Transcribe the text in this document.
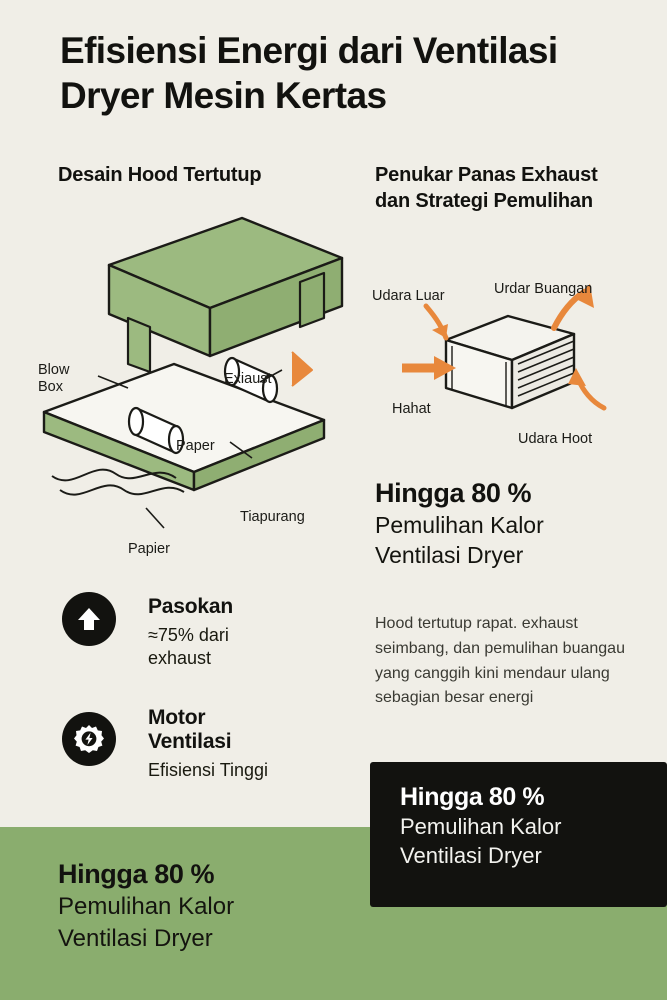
Efisiensi Energi dari Ventilasi Dryer Mesin Kertas
Desain Hood Tertutup	Penukar Panas Exhaust dan Strategi Pemulihan
Blow Box
Exiaust
Paper
Tiapurang
Papier
Udara Luar	Urdar Buangan
Hahat
Udara Hoot
Hingga 80 %
Pemulihan Kalor
Ventilasi Dryer
Hood tertutup rapat. exhaust seimbang, dan pemulihan buangau yang canggih kini mendaur ulang sebagian besar energi
Pasokan
≈75% dari
exhaust
Motor
Ventilasi
Efisiensi Tinggi
Hingga 80 %
Pemulihan Kalor
Ventilasi Dryer
Hingga 80 %
Pemulihan Kalor
Ventilasi Dryer
